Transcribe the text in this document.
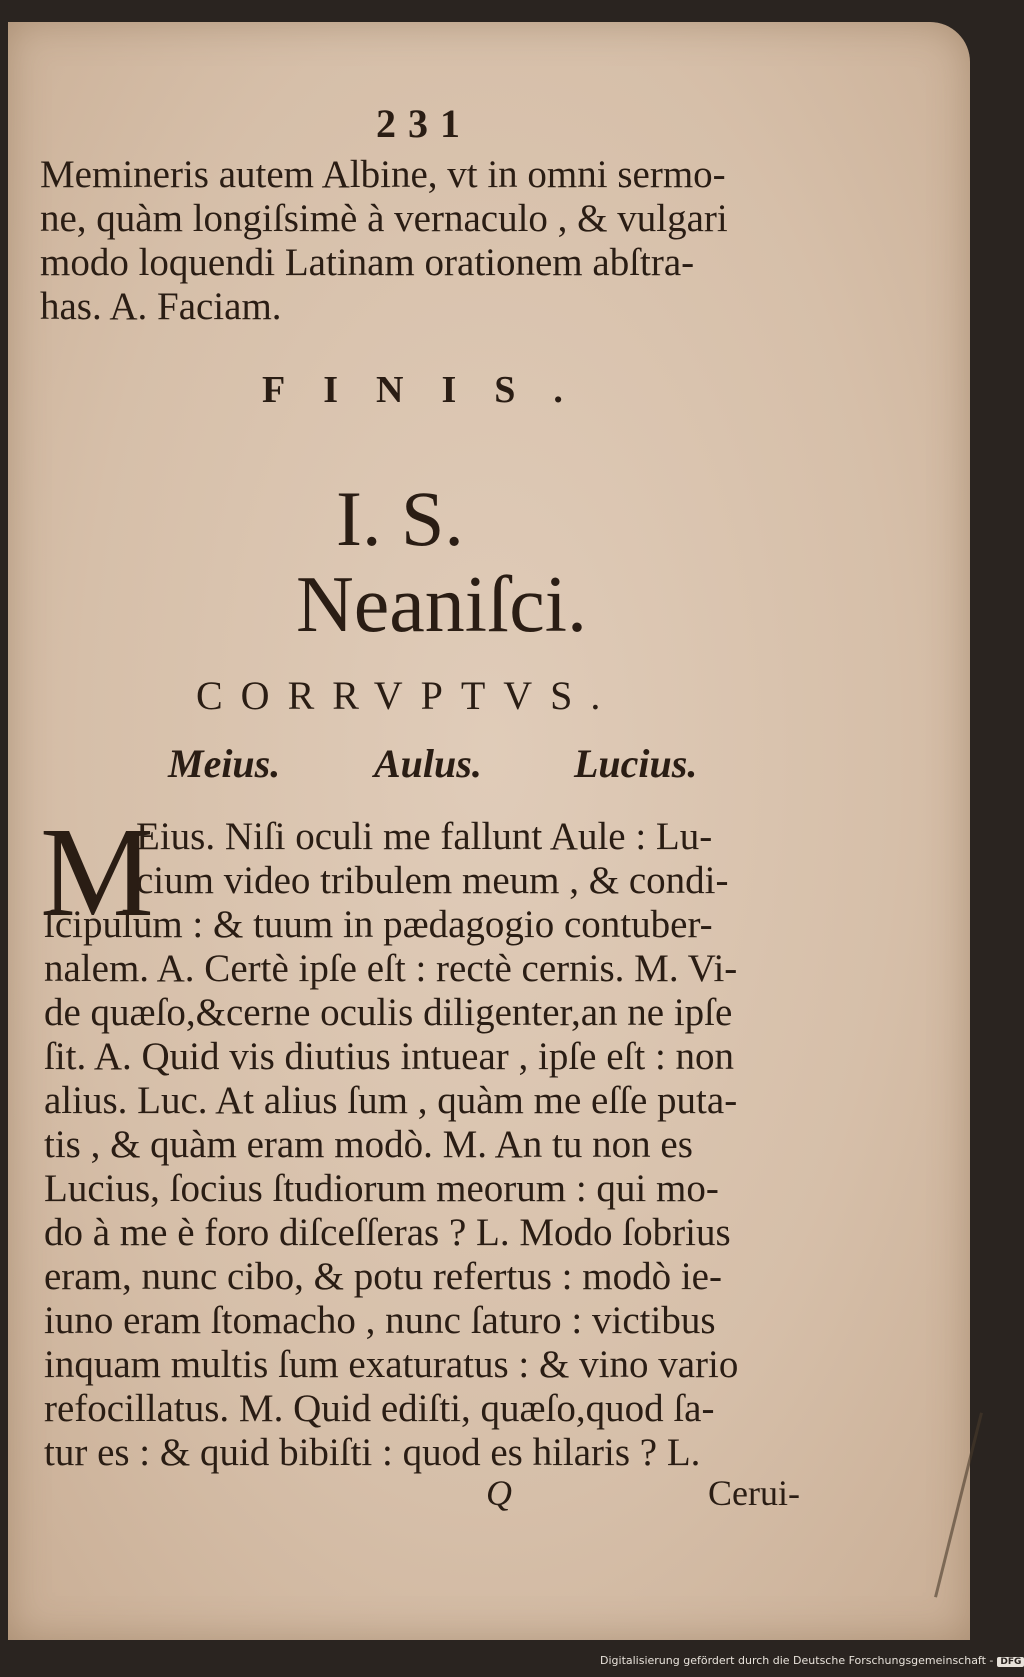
231
Memineris autem Albine, vt in omni sermo-
ne, quàm longiſsimè à vernaculo , & vulgari
modo loquendi Latinam orationem abſtra-
has. A. Faciam.
FINIS.
I. S.
Neaniſci.
CORRVPTVS.
Meius. Aulus. Lucius.
M
Eius. Niſi oculi me fallunt Aule : Lu-
cium video tribulem meum , & condi-
ſcipulum : & tuum in pædagogio contuber-
nalem. A. Certè ipſe eſt : rectè cernis. M. Vi-
de quæſo,&cerne oculis diligenter,an ne ipſe
ſit. A. Quid vis diutius intuear , ipſe eſt : non
alius. Luc. At alius ſum , quàm me eſſe puta-
tis , & quàm eram modò. M. An tu non es
Lucius, ſocius ſtudiorum meorum : qui mo-
do à me è foro diſceſſeras ? L. Modo ſobrius
eram, nunc cibo, & potu refertus : modò ie-
iuno eram ſtomacho , nunc ſaturo : victibus
inquam multis ſum exaturatus : & vino vario
refocillatus. M. Quid ediſti, quæſo,quod ſa-
tur es : & quid bibiſti : quod es hilaris ? L.
Q	Cerui-
Digitalisierung gefördert durch die Deutsche Forschungsgemeinschaft - DFG
